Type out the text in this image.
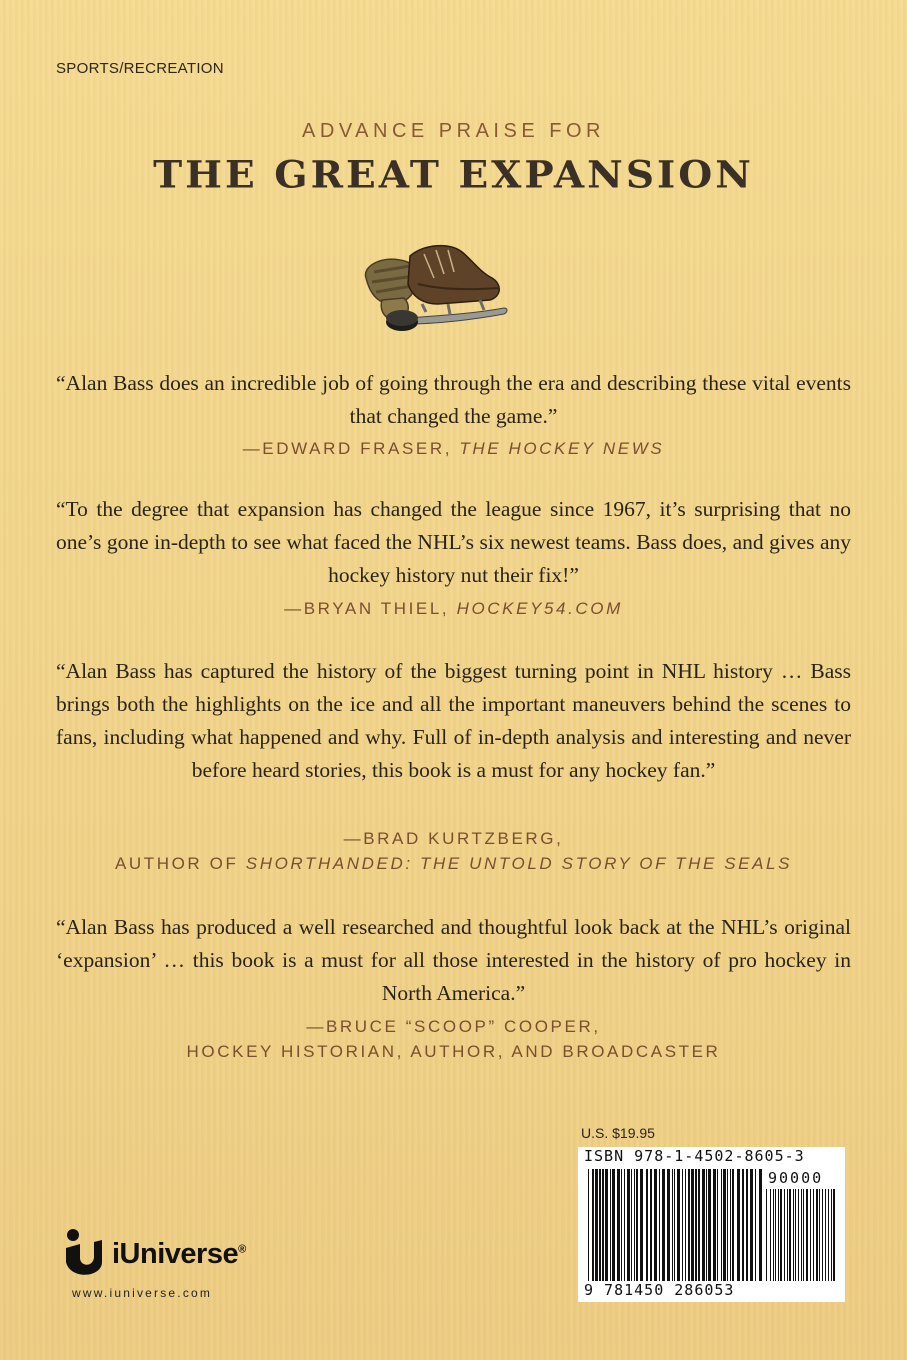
SPORTS/RECREATION
ADVANCE PRAISE FOR
THE GREAT EXPANSION
“Alan Bass does an incredible job of going through the era and describing these vital events that changed the game.”
—EDWARD FRASER, THE HOCKEY NEWS
“To the degree that expansion has changed the league since 1967, it’s surprising that no one’s gone in-depth to see what faced the NHL’s six newest teams. Bass does, and gives any hockey history nut their fix!”
—BRYAN THIEL, HOCKEY54.COM
“Alan Bass has captured the history of the biggest turning point in NHL history … Bass brings both the highlights on the ice and all the important maneuvers behind the scenes to fans, including what happened and why. Full of in-depth analysis and interesting and never before heard stories, this book is a must for any hockey fan.”
—BRAD KURTZBERG,
AUTHOR OF SHORTHANDED: THE UNTOLD STORY OF THE SEALS
“Alan Bass has produced a well researched and thoughtful look back at the NHL’s original ‘expansion’ … this book is a must for all those interested in the history of pro hockey in North America.”
—BRUCE “SCOOP” COOPER,
HOCKEY HISTORIAN, AUTHOR, AND BROADCASTER
U.S. $19.95
ISBN 978-1-4502-8605-3
90000
9 781450 286053
iUniverse®
www.iuniverse.com
